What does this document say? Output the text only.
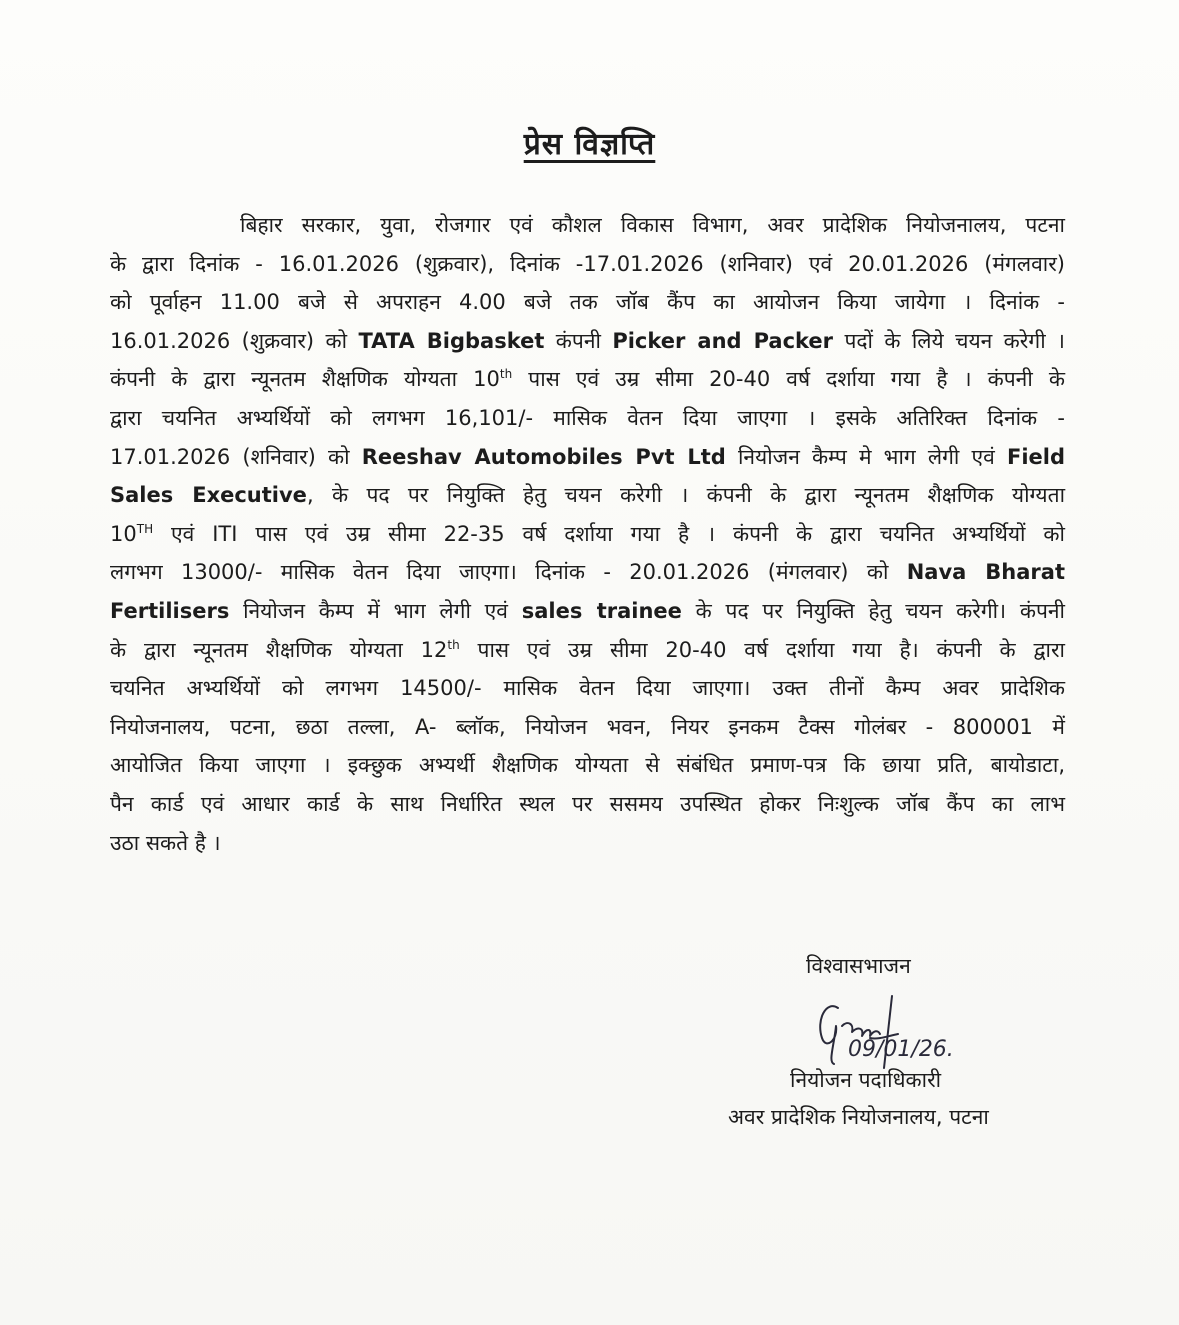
प्रेस विज्ञप्ति
बिहार सरकार, युवा, रोजगार एवं कौशल विकास विभाग, अवर प्रादेशिक नियोजनालय, पटना
के द्वारा दिनांक - 16.01.2026 (शुक्रवार), दिनांक -17.01.2026 (शनिवार) एवं 20.01.2026 (मंगलवार)
को पूर्वाहन 11.00 बजे से अपराहन 4.00 बजे तक जॉब कैंप का आयोजन किया जायेगा । दिनांक -
16.01.2026 (शुक्रवार) को TATA Bigbasket कंपनी Picker and Packer पदों के लिये चयन करेगी ।
कंपनी के द्वारा न्यूनतम शैक्षणिक योग्यता 10th पास एवं उम्र सीमा 20-40 वर्ष दर्शाया गया है । कंपनी के
द्वारा चयनित अभ्यर्थियों को लगभग 16,101/- मासिक वेतन दिया जाएगा । इसके अतिरिक्त दिनांक -
17.01.2026 (शनिवार) को Reeshav Automobiles Pvt Ltd नियोजन कैम्प मे भाग लेगी एवं Field
Sales Executive, के पद पर नियुक्ति हेतु चयन करेगी । कंपनी के द्वारा न्यूनतम शैक्षणिक योग्यता
10TH एवं ITI पास एवं उम्र सीमा 22-35 वर्ष दर्शाया गया है । कंपनी के द्वारा चयनित अभ्यर्थियों को
लगभग 13000/- मासिक वेतन दिया जाएगा। दिनांक - 20.01.2026 (मंगलवार) को Nava Bharat
Fertilisers नियोजन कैम्प में भाग लेगी एवं sales trainee के पद पर नियुक्ति हेतु चयन करेगी। कंपनी
के द्वारा न्यूनतम शैक्षणिक योग्यता 12th पास एवं उम्र सीमा 20-40 वर्ष दर्शाया गया है। कंपनी के द्वारा
चयनित अभ्यर्थियों को लगभग 14500/- मासिक वेतन दिया जाएगा। उक्त तीनों कैम्प अवर प्रादेशिक
नियोजनालय, पटना, छठा तल्ला, A- ब्लॉक, नियोजन भवन, नियर इनकम टैक्स गोलंबर - 800001 में
आयोजित किया जाएगा । इक्छुक अभ्यर्थी शैक्षणिक योग्यता से संबंधित प्रमाण-पत्र कि छाया प्रति, बायोडाटा,
पैन कार्ड एवं आधार कार्ड के साथ निर्धारित स्थल पर ससमय उपस्थित होकर निःशुल्क जॉब कैंप का लाभ
उठा सकते है ।
विश्वासभाजन
09/01/26.
नियोजन पदाधिकारी
अवर प्रादेशिक नियोजनालय, पटना
